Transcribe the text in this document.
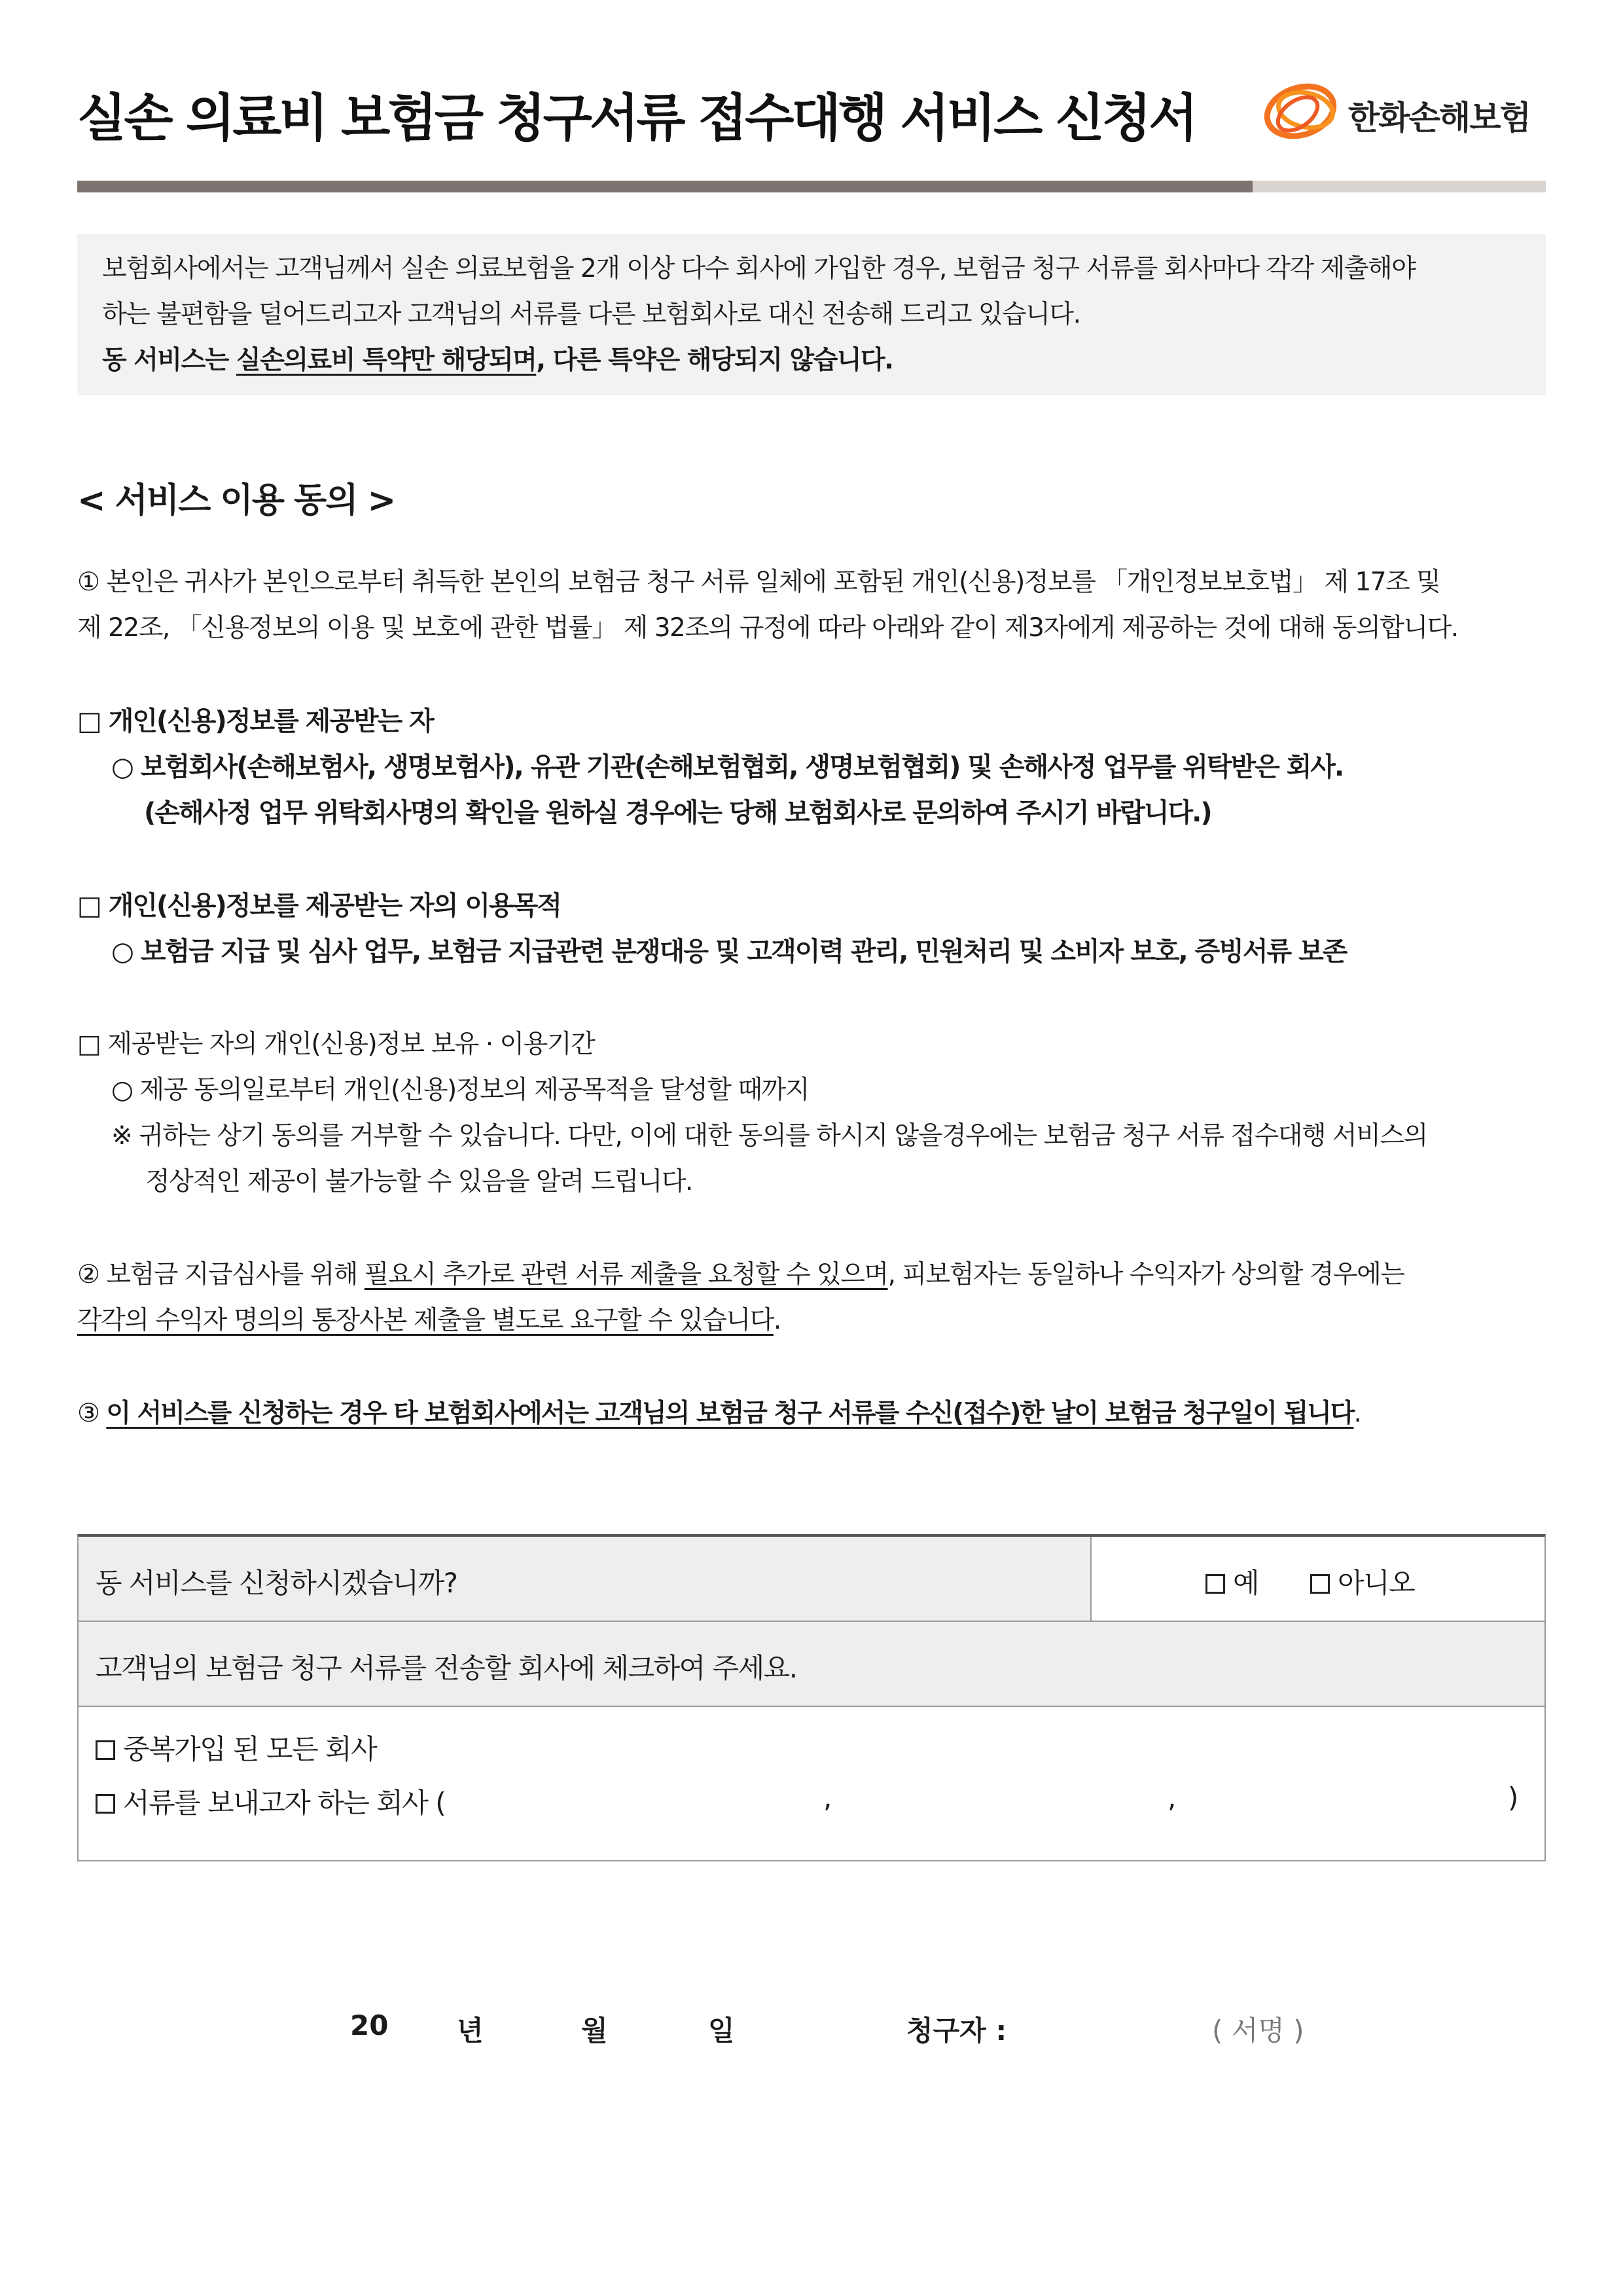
실손 의료비 보험금 청구서류 접수대행 서비스 신청서	한화손해보험
보험회사에서는 고객님께서 실손 의료보험을 2개 이상 다수 회사에 가입한 경우, 보험금 청구 서류를 회사마다 각각 제출해야
하는 불편함을 덜어드리고자 고객님의 서류를 다른 보험회사로 대신 전송해 드리고 있습니다.
동 서비스는 실손의료비 특약만 해당되며, 다른 특약은 해당되지 않습니다.
< 서비스 이용 동의 >
① 본인은 귀사가 본인으로부터 취득한 본인의 보험금 청구 서류 일체에 포함된 개인(신용)정보를 「개인정보보호법」 제 17조 및
제 22조, 「신용정보의 이용 및 보호에 관한 법률」 제 32조의 규정에 따라 아래와 같이 제3자에게 제공하는 것에 대해 동의합니다.
□ 개인(신용)정보를 제공받는 자
○ 보험회사(손해보험사, 생명보험사), 유관 기관(손해보험협회, 생명보험협회) 및 손해사정 업무를 위탁받은 회사.
(손해사정 업무 위탁회사명의 확인을 원하실 경우에는 당해 보험회사로 문의하여 주시기 바랍니다.)
□ 개인(신용)정보를 제공받는 자의 이용목적
○ 보험금 지급 및 심사 업무, 보험금 지급관련 분쟁대응 및 고객이력 관리, 민원처리 및 소비자 보호, 증빙서류 보존
□ 제공받는 자의 개인(신용)정보 보유 · 이용기간
○ 제공 동의일로부터 개인(신용)정보의 제공목적을 달성할 때까지
※ 귀하는 상기 동의를 거부할 수 있습니다. 다만, 이에 대한 동의를 하시지 않을경우에는 보험금 청구 서류 접수대행 서비스의
정상적인 제공이 불가능할 수 있음을 알려 드립니다.
② 보험금 지급심사를 위해 필요시 추가로 관련 서류 제출을 요청할 수 있으며, 피보험자는 동일하나 수익자가 상의할 경우에는
각각의 수익자 명의의 통장사본 제출을 별도로 요구할 수 있습니다.
③ 이 서비스를 신청하는 경우 타 보험회사에서는 고객님의 보험금 청구 서류를 수신(접수)한 날이 보험금 청구일이 됩니다.
동 서비스를 신청하시겠습니까?	예	아니오
고객님의 보험금 청구 서류를 전송할 회사에 체크하여 주세요.
중복가입 된 모든 회사
서류를 보내고자 하는 회사 (	,	,	)
20 년	월	일	청구자 :	( 서명 )
